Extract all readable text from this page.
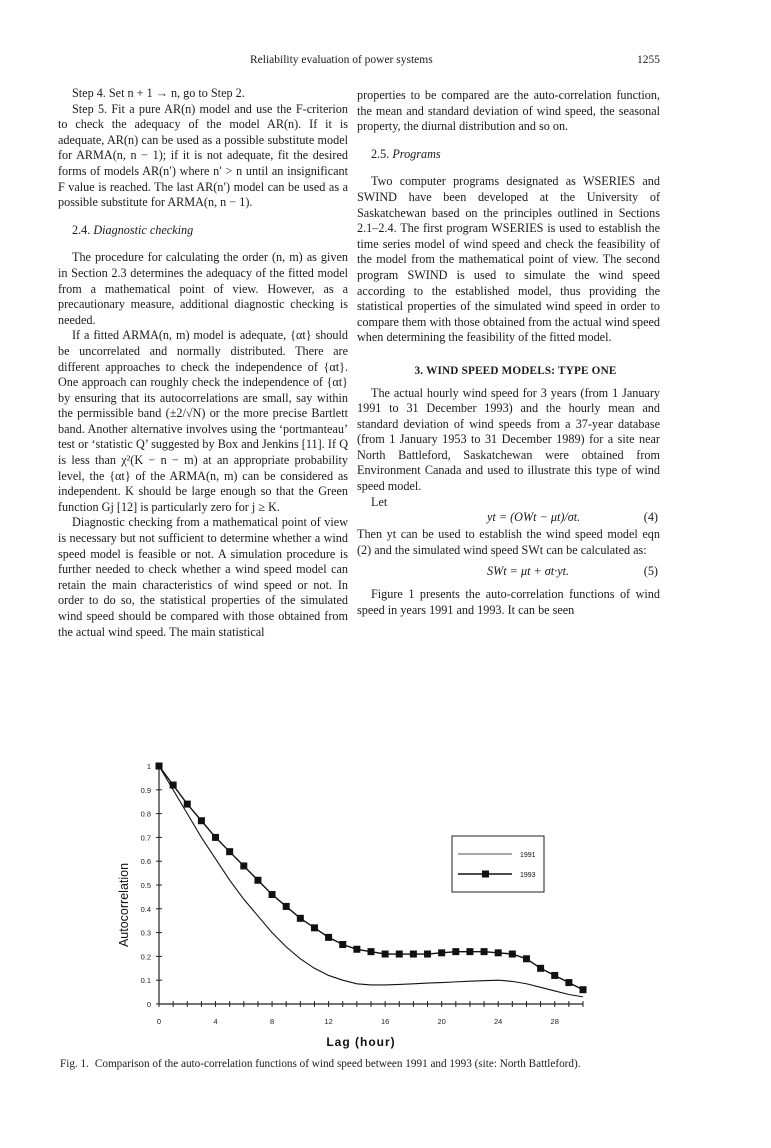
Reliability evaluation of power systems	1255

Step 4. Set n + 1 → n, go to Step 2.

Step 5. Fit a pure AR(n) model and use the F-criterion to check the adequacy of the model AR(n). If it is adequate, AR(n) can be used as a possible substitute model for ARMA(n, n − 1); if it is not adequate, fit the desired forms of models AR(n′) where n′ > n until an insignificant F value is reached. The last AR(n′) model can be used as a possible substitute for ARMA(n, n − 1).

2.4. Diagnostic checking

The procedure for calculating the order (n, m) as given in Section 2.3 determines the adequacy of the fitted model from a mathematical point of view. However, as a precautionary measure, additional diagnostic checking is needed.

If a fitted ARMA(n, m) model is adequate, {αt} should be uncorrelated and normally distributed. There are different approaches to check the independence of {αt}. One approach can roughly check the independence of {αt} by ensuring that its autocorrelations are small, say within the permissible band (±2/√N) or the more precise Bartlett band. Another alternative involves using the ‘portmanteau’ test or ‘statistic Q’ suggested by Box and Jenkins [11]. If Q is less than χ²(K − n − m) at an appropriate probability level, the {αt} of the ARMA(n, m) can be considered as independent. K should be large enough so that the Green function Gj [12] is particularly zero for j ≥ K.

Diagnostic checking from a mathematical point of view is necessary but not sufficient to determine whether a wind speed model is feasible or not. A simulation procedure is further needed to check whether a wind speed model can retain the main characteristics of wind speed or not. In order to do so, the statistical properties of the simulated wind speed should be compared with those obtained from the actual wind speed. The main statistical

properties to be compared are the auto-correlation function, the mean and standard deviation of wind speed, the seasonal property, the diurnal distribution and so on.

2.5. Programs

Two computer programs designated as WSERIES and SWIND have been developed at the University of Saskatchewan based on the principles outlined in Sections 2.1–2.4. The first program WSERIES is used to establish the time series model of wind speed and check the feasibility of the model from the mathematical point of view. The second program SWIND is used to simulate the wind speed according to the established model, thus providing the statistical properties of the simulated wind speed in order to compare them with those obtained from the actual wind speed when determining the feasibility of the fitted model.

3. WIND SPEED MODELS: TYPE ONE

The actual hourly wind speed for 3 years (from 1 January 1991 to 31 December 1993) and the hourly mean and standard deviation of wind speeds from a 37-year database (from 1 January 1953 to 31 December 1989) for a site near North Battleford, Saskatchewan were obtained from Environment Canada and used to illustrate this type of wind speed model.

Let

yt = (OWt − μt)/σt.	(4)

Then yt can be used to establish the wind speed model eqn (2) and the simulated wind speed SWt can be calculated as:

SWt = μt + σt·yt.	(5)

Figure 1 presents the auto-correlation functions of wind speed in years 1991 and 1993. It can be seen

0
0.1
0.2
0.3
0.4
0.5
0.6
0.7
0.8
0.9
1
0	4	8	12	16	20	24	28
Lag (hour)
Autocorrelation
1991
1993
Fig. 1. Comparison of the auto-correlation functions of wind speed between 1991 and 1993 (site: North Battleford).
